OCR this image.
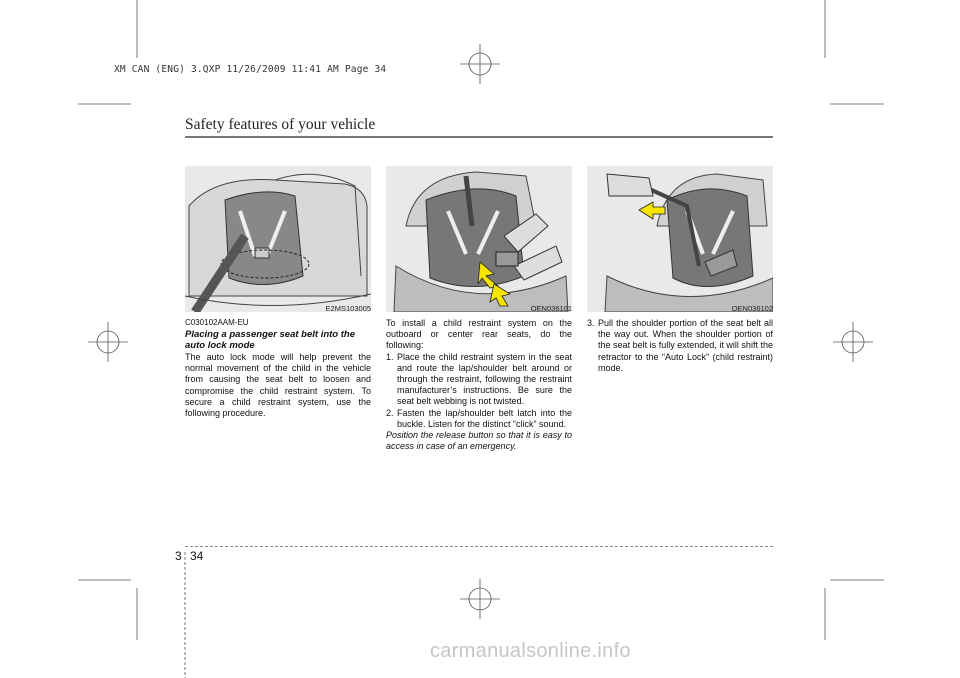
XM CAN (ENG) 3.QXP 11/26/2009 11:41 AM Page 34
Safety features of your vehicle
E2MS103005	OEN036101	OEN036102
C030102AAM-EU
Placing a passenger seat belt into the auto lock mode
The auto lock mode will help prevent the normal movement of the child in the vehicle from causing the seat belt to loosen and compromise the child restraint system. To secure a child restraint system, use the following procedure.
To install a child restraint system on the outboard or center rear seats, do the following:
1. Place the child restraint system in the seat and route the lap/shoulder belt around or through the restraint, following the restraint manufacturer’s instructions. Be sure the seat belt webbing is not twisted.
2. Fasten the lap/shoulder belt latch into the buckle. Listen for the distinct “click” sound.
Position the release button so that it is easy to access in case of an emergency.
3. Pull the shoulder portion of the seat belt all the way out. When the shoulder portion of the seat belt is fully extended, it will shift the retractor to the “Auto Lock” (child restraint) mode.
3 34
carmanualsonline.info
